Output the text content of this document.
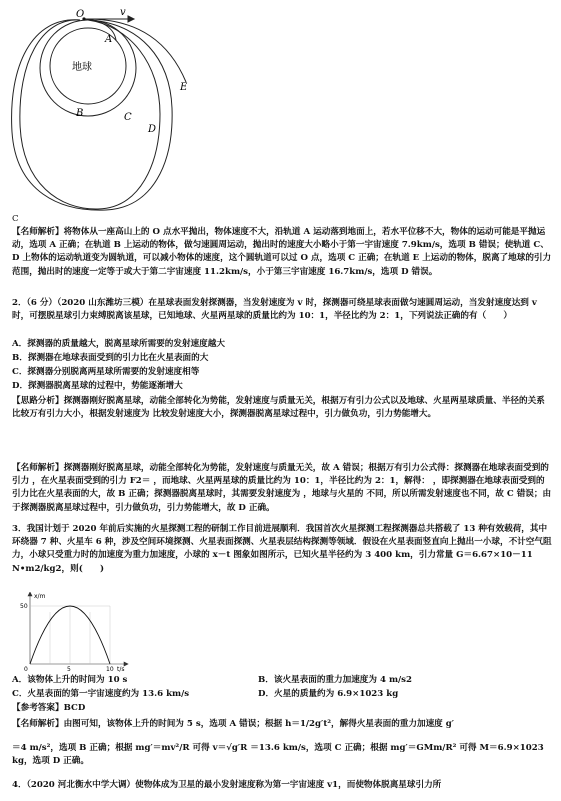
O	v
A
B	C
D
E
地球

C

【名师解析】将物体从一座高山上的 O 点水平抛出，物体速度不大，沿轨道 A 运动落到地面上，若水平位移不大，物体的运动可能是平抛运动，选项 A 正确；在轨道 B 上运动的物体，做匀速圆周运动，抛出时的速度大小略小于第一宇宙速度 7.9km/s，选项 B 错误；使轨道 C、D 上物体的运动轨道变为圆轨道，可以减小物体的速度，这个圆轨道可以过 O 点，选项 C 正确；在轨道 E 上运动的物体，脱离了地球的引力范围，抛出时的速度一定等于或大于第二宇宙速度 11.2km/s，小于第三宇宙速度 16.7km/s，选项 D 错误。

2．（6 分）（2020 山东潍坊三模）在星球表面发射探测器，当发射速度为 v 时，探测器可绕星球表面做匀速圆周运动，当发射速度达到 v 时，可摆脱星球引力束缚脱离该星球，已知地球、火星两星球的质量比约为 10：1，半径比约为 2：1，下列说法正确的有（　　）

A．探测器的质量越大，脱离星球所需要的发射速度越大

B．探测器在地球表面受到的引力比在火星表面的大

C．探测器分别脱离两星球所需要的发射速度相等

D．探测器脱离星球的过程中，势能逐渐增大

【思路分析】探测器刚好脱离星球，动能全部转化为势能，发射速度与质量无关，根据万有引力公式以及地球、火星两星球质量、半径的关系比较万有引力大小，根据发射速度为 比较发射速度大小，探测器脱离星球过程中，引力做负功，引力势能增大。

【名师解析】探测器刚好脱离星球，动能全部转化为势能，发射速度与质量无关，故 A 错误；根据万有引力公式得：探测器在地球表面受到的引力 ，在火星表面受到的引力 F2＝ ，而地球、火星两星球的质量比约为 10：1，半径比约为 2：1，解得： ，即探测器在地球表面受到的引力比在火星表面的大，故 B 正确；探测器脱离星球时，其需要发射速度为 ，地球与火星的 不同，所以所需发射速度也不同，故 C 错误；由于探测器脱离星球过程中，引力做负功，引力势能增大，故 D 正确。

3．我国计划于 2020 年前后实施的火星探测工程的研制工作目前进展顺利．我国首次火星探测工程探测器总共搭载了 13 种有效载荷，其中环绕器 7 种、火星车 6 种，涉及空间环境探测、火星表面探测、火星表层结构探测等领域．假设在火星表面竖直向上抛出一小球，不计空气阻力，小球只受重力时的加速度为重力加速度，小球的 x－t 图象如图所示，已知火星半径约为 3 400 km，引力常量 G＝6.67×10－11 N•m2/kg2，则(　　)

50
x/m
5	10 t/s
0
A．该物体上升的时间为 10 s	B．该火星表面的重力加速度为 4 m/s2
C．火星表面的第一宇宙速度约为 13.6 km/s	D．火星的质量约为 6.9×1023 kg

【参考答案】BCD

【名师解析】由图可知，该物体上升的时间为 5 s，选项 A 错误；根据 h＝1/2g′t²，解得火星表面的重力加速度 g′

＝4 m/s²，选项 B 正确；根据 mg′＝mv²/R 可得 v＝√g′R ＝13.6 km/s，选项 C 正确；根据 mg′＝GMm/R² 可得 M＝6.9×1023 kg，选项 D 正确。

4．（2020 河北衡水中学大调）使物体成为卫星的最小发射速度称为第一宇宙速度 v1，而使物体脱离星球引力所
